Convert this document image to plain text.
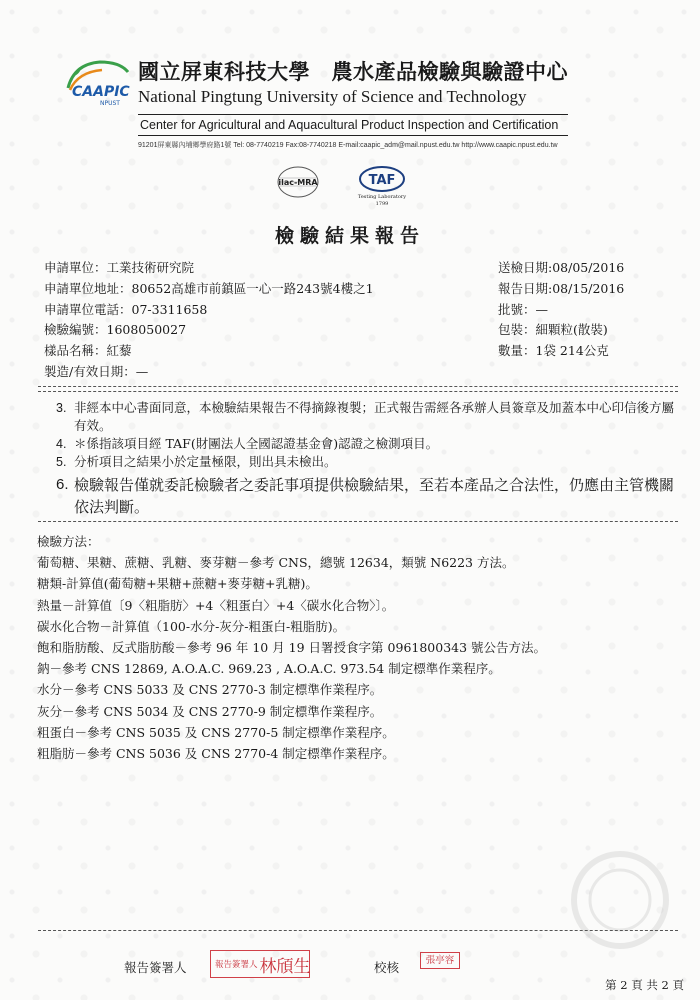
CAAPIC
NPUST
國立屏東科技大學　農水產品檢驗與驗證中心
National Pingtung University of Science and Technology
Center for Agricultural and Aquacultural Product Inspection and Certification
91201屏東縣內埔鄉學府路1號 Tel: 08-7740219 Fax:08-7740218 E-mail:caapic_adm@mail.npust.edu.tw http://www.caapic.npust.edu.tw
ilac-MRA	TAF
Testing Laboratory
1799
檢驗結果報告
申請單位：工業技術研究院
申請單位地址：80652高雄市前鎮區一心一路243號4樓之1
申請單位電話：07-3311658
檢驗編號：1608050027
樣品名稱：紅藜
製造/有效日期：—
送檢日期:08/05/2016
報告日期:08/15/2016
批號：—
包裝：細顆粒(散裝)
數量：1袋 214公克
3. 非經本中心書面同意，本檢驗結果報告不得摘錄複製；正式報告需經各承辦人員簽章及加蓋本中心印信後方屬有效。
4. ＊係指該項目經 TAF(財團法人全國認證基金會)認證之檢測項目。
5. 分析項目之結果小於定量極限，則出具未檢出。
6. 檢驗報告僅就委託檢驗者之委託事項提供檢驗結果，至若本產品之合法性，仍應由主管機關依法判斷。
檢驗方法：
葡萄糖、果糖、蔗糖、乳糖、麥芽糖－參考 CNS，總號 12634，類號 N6223 方法。
糖類-計算值(葡萄糖+果糖+蔗糖+麥芽糖+乳糖)。
熱量－計算值〔9〈粗脂肪〉+4〈粗蛋白〉+4〈碳水化合物〉〕。
碳水化合物－計算值（100-水分-灰分-粗蛋白-粗脂肪)。
飽和脂肪酸、反式脂肪酸－參考 96 年 10 月 19 日署授食字第 0961800343 號公告方法。
鈉－參考 CNS 12869, A.O.A.C. 969.23 , A.O.A.C. 973.54 制定標準作業程序。
水分－參考 CNS 5033 及 CNS 2770-3 制定標準作業程序。
灰分－參考 CNS 5034 及 CNS 2770-9 制定標準作業程序。
粗蛋白－參考 CNS 5035 及 CNS 2770-5 制定標準作業程序。
粗脂肪－參考 CNS 5036 及 CNS 2770-4 制定標準作業程序。
報告簽署人	報告簽署人 林頎生	校核	張亭容
第 2 頁 共 2 頁
